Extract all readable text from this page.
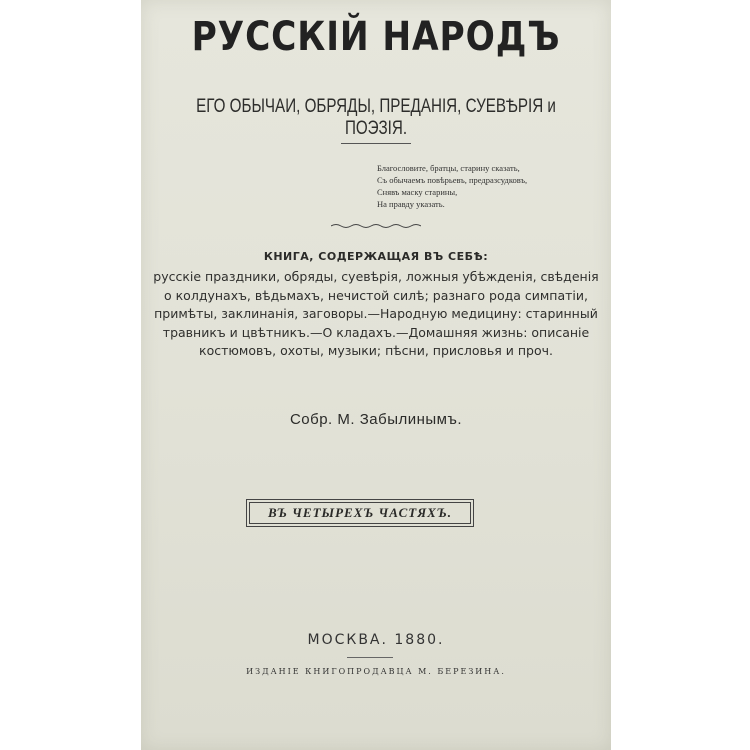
РУССКІЙ НАРОДЪ
ЕГО ОБЫЧАИ, ОБРЯДЫ, ПРЕДАНІЯ, СУЕВѢРІЯ и ПОЭЗІЯ.
Благословите, братцы, старину сказать,
Съ обычаемъ повѣрьевъ, предразсудковъ,
Снявъ маску старины,
На правду указать.
КНИГА, СОДЕРЖАЩАЯ ВЪ СЕБѢ:
русскіе праздники, обряды, суевѣрія, ложныя убѣжденія, свѣденія
о колдунахъ, вѣдьмахъ, нечистой силѣ; разнаго рода симпатіи,
примѣты, заклинанія, заговоры.—Народную медицину: старинный
травникъ и цвѣтникъ.—О кладахъ.—Домашняя жизнь: описаніе
костюмовъ, охоты, музыки; пѣсни, присловья и проч.
Собр. М. Забылинымъ.
ВЪ ЧЕТЫРЕХЪ ЧАСТЯХЪ.
МОСКВА. 1880.
ИЗДАНІЕ КНИГОПРОДАВЦА М. БЕРЕЗИНА.
